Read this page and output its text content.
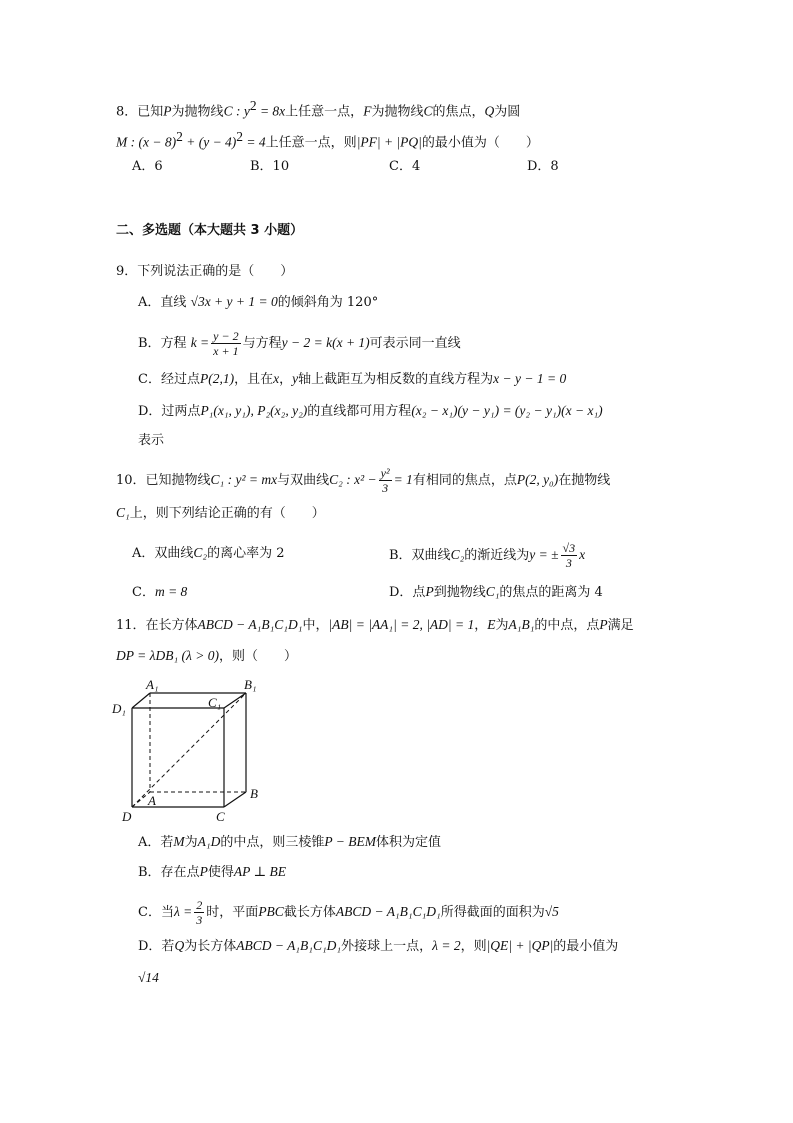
8．已知P为抛物线C : $y^2 = 8x$上任意一点，F为抛物线C的焦点，Q为圆
M : $(x - 8)^2 + (y - 4)^2 = 4$上任意一点，则|PF| + |PQ|的最小值为（　　）
A．6	B．10	C．4	D．8
二、多选题（本大题共 3 小题）
9．下列说法正确的是（　　）
A．直线 √3x + y + 1 = 0的倾斜角为 120°
B．方程 $k = \frac{y - 2}{x + 1}$ 与方程y − 2 = k(x + 1)可表示同一直线
C．经过点P(2,1)，且在x，y轴上截距互为相反数的直线方程为x − y − 1 = 0
D．过两点P₁(x₁, y₁), P₂(x₂, y₂)的直线都可用方程(x₂ − x₁)(y − y₁) = (y₂ − y₁)(x − x₁)
表示
10．已知抛物线C₁ : y² = mx与双曲线C₂ : $x^2 - \frac{\text{y²}}{3} = 1$有相同的焦点，点P(2, y₀)在抛物线
C₁上，则下列结论正确的有（　　）
A．双曲线C₂的离心率为 2	B．双曲线C₂的渐近线为y = ± $\frac{√3}{3}$ x
C．m = 8	D．点P到抛物线C₁的焦点的距离为 4
11．在长方体ABCD − A₁B₁C₁D₁中，|AB| = |AA₁| = 2, |AD| = 1，E为A₁B₁的中点，点P满足
DP = λDB₁ (λ > 0)，则（　　）
A₁	B₁
C₁
D₁
A	B
C
D
A．若M为A₁D的中点，则三棱锥P − BEM体积为定值
B．存在点P使得AP ⊥ BE
C．当$\lambda = \frac{2}{3}$ 时，平面PBC截长方体ABCD − A₁B₁C₁D₁所得截面的面积为√5
D．若Q为长方体ABCD − A₁B₁C₁D₁外接球上一点，λ = 2，则|QE| + |QP|的最小值为
√14
